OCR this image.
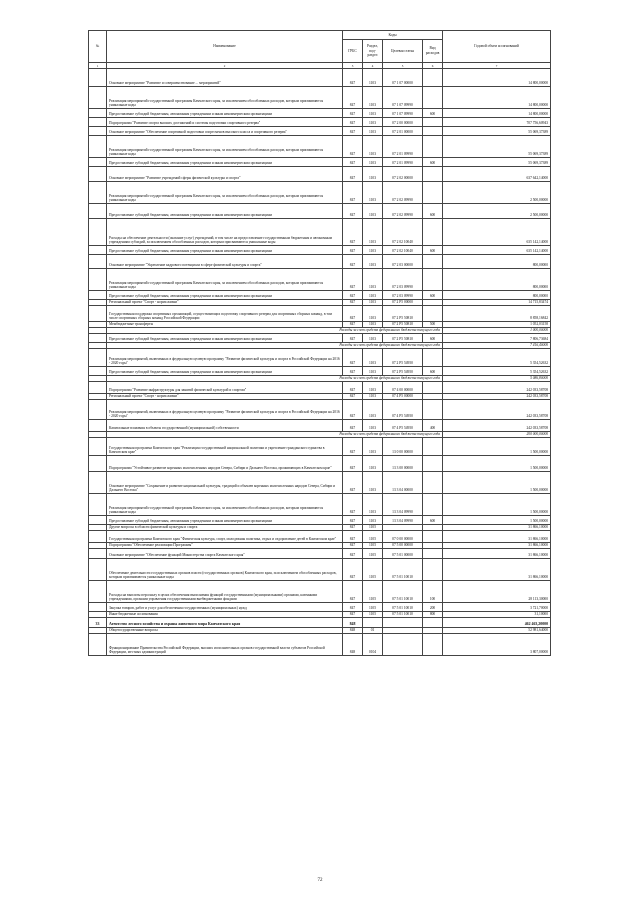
№	Наименование	Коды				Годовой объем ассигнований
		ГРБС	Раздел, под-раздел	Целевая статья	Вид расходов	
1	2	3	4	5	6	7
	Основное мероприятие "Развитие и совершенствование ... мероприятий"	847	1103	07 1 07 00000		14 800,00000
	Реализация мероприятий государственной программы Камчатского края, за исключением обособленных расходов, которым присваиваются уникальные коды	847	1103	07 1 07 09990		14 800,00000
	Предоставление субсидий бюджетным, автономным учреждениям и иным некоммерческим организациям	847	1103	07 1 07 09990	600	14 800,00000
	Подпрограмма "Развитие спорта высших достижений и системы подготовки спортивного резерва"	847	1103	07 2 00 00000		707 756,60943
	Основное мероприятие "Обеспечение спортивной подготовки спортсменов высокого класса и спортивного резерва"	847	1103	07 2 01 00000		55 069,37389
	Реализация мероприятий государственной программы Камчатского края, за исключением обособленных расходов, которым присваиваются уникальные коды	847	1103	07 2 01 09990		55 069,37389
	Предоставление субсидий бюджетным, автономным учреждениям и иным некоммерческим организациям	847	1103	07 2 01 09990	600	55 069,37389
	Основное мероприятие "Развитие учреждений сферы физической культуры и спорта"	847	1103	07 2 02 00000		637 642,14000
	Реализация мероприятий государственной программы Камчатского края, за исключением обособленных расходов, которым присваиваются уникальные коды	847	1103	07 2 02 09990		2 500,00000
	Предоставление субсидий бюджетным, автономным учреждениям и иным некоммерческим организациям	847	1103	07 2 02 09990	600	2 500,00000
	Расходы на обеспечение деятельности (оказание услуг) учреждений, в том числе на предоставление государственным бюджетным и автономным учреждениям субсидий, за исключением обособленных расходов, которым присваиваются уникальные коды	847	1103	07 2 02 10040		635 142,14000
	Предоставление субсидий бюджетным, автономным учреждениям и иным некоммерческим организациям	847	1103	07 2 02 10040	600	635 142,14000
	Основное мероприятие "Укрепление кадрового потенциала в сфере физической культуры и спорта"	847	1103	07 2 03 00000		800,00000
	Реализация мероприятий государственной программы Камчатского края, за исключением обособленных расходов, которым присваиваются уникальные коды	847	1103	07 2 03 09990		800,00000
	Предоставление субсидий бюджетным, автономным учреждениям и иным некоммерческим организациям	847	1103	07 2 03 09990	600	800,00000
	Региональный проект "Спорт - норма жизни"	847	1103	07 2 P5 00000		14 715,83474
	Государственная поддержка спортивных организаций, осуществляющих подготовку спортивного резерва для спортивных сборных команд, в том числе спортивных сборных команд Российской Федерации	847	1103	07 2 P5 50810		8 858,16842
	Межбюджетные трансферты	847	1103	07 2 P5 50810	500	1 052,03158
	Расходы за счет средств федерального бюджета текущего года					1 000,00000
	Предоставление субсидий бюджетным, автономным учреждениям и иным некоммерческим организациям	847	1103	07 2 P5 50810	600	7 806,73684
	Расходы за счет средств федерального бюджета текущего года					7 416,40000
	Реализация мероприятий, включенных в федеральную целевую программу "Развитие физической культуры и спорта в Российской Федерации на 2016 - 2020 годы"	847	1103	07 2 P5 54950		5 354,52632
	Предоставление субсидий бюджетным, автономным учреждениям и иным некоммерческим организациям	847	1103	07 2 P5 54950	600	5 354,52632
	Расходы за счет средств федерального бюджета текущего года					5 086,80000
	Подпрограмма "Развитие инфраструктуры для занятий физической культурой и спортом"	847	1103	07 4 00 00000		242 033,58708
	Региональный проект "Спорт - норма жизни"	847	1103	07 4 P5 00000		242 033,58708
	Реализация мероприятий, включенных в федеральную целевую программу "Развитие физической культуры и спорта в Российской Федерации на 2016 - 2020 годы"	847	1103	07 4 P5 54950		242 033,58708
	Капитальные вложения в объекты государственной (муниципальной) собственности	847	1103	07 4 P5 54950	400	242 033,58708
	Расходы за счет средств федерального бюджета текущего года					200 000,00000
	Государственная программа Камчатского края "Реализация государственной национальной политики и укрепление гражданского единства в Камчатском крае"	847	1103	13 0 00 00000		1 500,00000
	Подпрограмма "Устойчивое развитие коренных малочисленных народов Севера, Сибири и Дальнего Востока, проживающих в Камчатском крае"	847	1103	13 3 00 00000		1 500,00000
	Основное мероприятие "Сохранение и развитие национальной культуры, традиций и обычаев коренных малочисленных народов Севера, Сибири и Дальнего Востока"	847	1103	13 3 04 00000		1 500,00000
	Реализация мероприятий государственной программы Камчатского края, за исключением обособленных расходов, которым присваиваются уникальные коды	847	1103	13 3 04 09990		1 500,00000
	Предоставление субсидий бюджетным, автономным учреждениям и иным некоммерческим организациям	847	1103	13 3 04 09990	600	1 500,00000
	Другие вопросы в области физической культуры и спорта	847	1105			31 866,10000
	Государственная программа Камчатского края "Физическая культура, спорт, молодежная политика, отдых и оздоровление детей в Камчатском крае"	847	1105	07 0 00 00000		31 866,10000
	Подпрограмма "Обеспечение реализации Программы"	847	1105	07 5 00 00000		31 866,10000
	Основное мероприятие "Обеспечение функций Министерства спорта Камчатского края"	847	1105	07 5 01 00000		31 866,10000
	Обеспечение деятельности государственных органов власти (государственных органов) Камчатского края, за исключением обособленных расходов, которым присваиваются уникальные коды	847	1105	07 5 01 10010		31 866,10000
	Расходы на выплаты персоналу в целях обеспечения выполнения функций государственными (муниципальными) органами, казенными учреждениями, органами управления государственными внебюджетными фондами	847	1105	07 5 01 10010	100	28 113,30000
	Закупка товаров, работ и услуг для обеспечения государственных (муниципальных) нужд	847	1105	07 5 01 10010	200	3 721,70000
	Иные бюджетные ассигнования	847	1105	07 5 01 10010	800	31,10000
33	Агентство лесного хозяйства и охраны животного мира Камчатского края	848				462 463,20000
	Общегосударственные вопросы	848	01			52 981,64000
	Функционирование Правительства Российской Федерации, высших исполнительных органов государственной власти субъектов Российской Федерации, местных администраций	848	0104			3 807,00000
72
